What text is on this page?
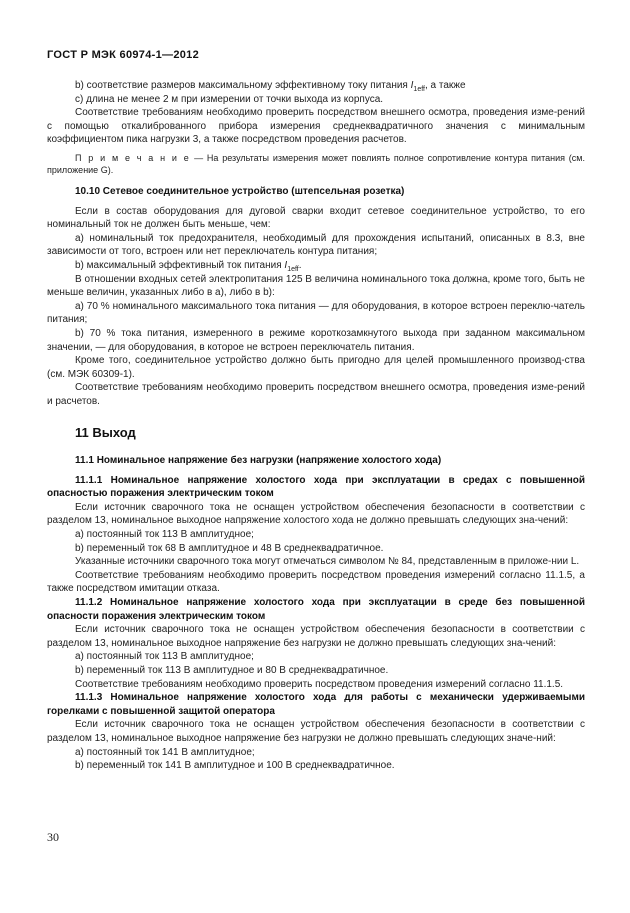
ГОСТ Р МЭК 60974-1—2012

b) соответствие размеров максимальному эффективному току питания $I_{1eff}$, а также

c) длина не менее 2 м при измерении от точки выхода из корпуса.

Соответствие требованиям необходимо проверить посредством внешнего осмотра, проведения изме-рений с помощью откалиброванного прибора измерения среднеквадратичного значения с минимальным коэффициентом пика нагрузки 3, а также посредством проведения расчетов.

П р и м е ч а н и е — На результаты измерения может повлиять полное сопротивление контура питания (см. приложение G).

10.10 Сетевое соединительное устройство (штепсельная розетка)

Если в состав оборудования для дуговой сварки входит сетевое соединительное устройство, то его номинальный ток не должен быть меньше, чем:

a) номинальный ток предохранителя, необходимый для прохождения испытаний, описанных в 8.3, вне зависимости от того, встроен или нет переключатель контура питания;

b) максимальный эффективный ток питания $I_{1eff}$.

В отношении входных сетей электропитания 125 В величина номинального тока должна, кроме того, быть не меньше величин, указанных либо в a), либо в b):

a) 70 % номинального максимального тока питания — для оборудования, в которое встроен переклю-чатель питания;

b) 70 % тока питания, измеренного в режиме короткозамкнутого выхода при заданном максимальном значении, — для оборудования, в которое не встроен переключатель питания.

Кроме того, соединительное устройство должно быть пригодно для целей промышленного производ-ства (см. МЭК 60309-1).

Соответствие требованиям необходимо проверить посредством внешнего осмотра, проведения изме-рений и расчетов.

11 Выход

11.1 Номинальное напряжение без нагрузки (напряжение холостого хода)

11.1.1 Номинальное напряжение холостого хода при эксплуатации в средах с повышенной опасностью поражения электрическим током

Если источник сварочного тока не оснащен устройством обеспечения безопасности в соответствии с разделом 13, номинальное выходное напряжение холостого хода не должно превышать следующих зна-чений:

a) постоянный ток 113 В амплитудное;

b) переменный ток 68 В амплитудное и 48 В среднеквадратичное.

Указанные источники сварочного тока могут отмечаться символом № 84, представленным в приложе-нии L.

Соответствие требованиям необходимо проверить посредством проведения измерений согласно 11.1.5, а также посредством имитации отказа.

11.1.2 Номинальное напряжение холостого хода при эксплуатации в среде без повышенной опасности поражения электрическим током

Если источник сварочного тока не оснащен устройством обеспечения безопасности в соответствии с разделом 13, номинальное выходное напряжение без нагрузки не должно превышать следующих зна-чений:

a) постоянный ток 113 В амплитудное;

b) переменный ток 113 В амплитудное и 80 В среднеквадратичное.

Соответствие требованиям необходимо проверить посредством проведения измерений согласно 11.1.5.

11.1.3 Номинальное напряжение холостого хода для работы с механически удерживаемыми горелками с повышенной защитой оператора

Если источник сварочного тока не оснащен устройством обеспечения безопасности в соответствии с разделом 13, номинальное выходное напряжение без нагрузки не должно превышать следующих значе-ний:

a) постоянный ток 141 В амплитудное;

b) переменный ток 141 В амплитудное и 100 В среднеквадратичное.

30
